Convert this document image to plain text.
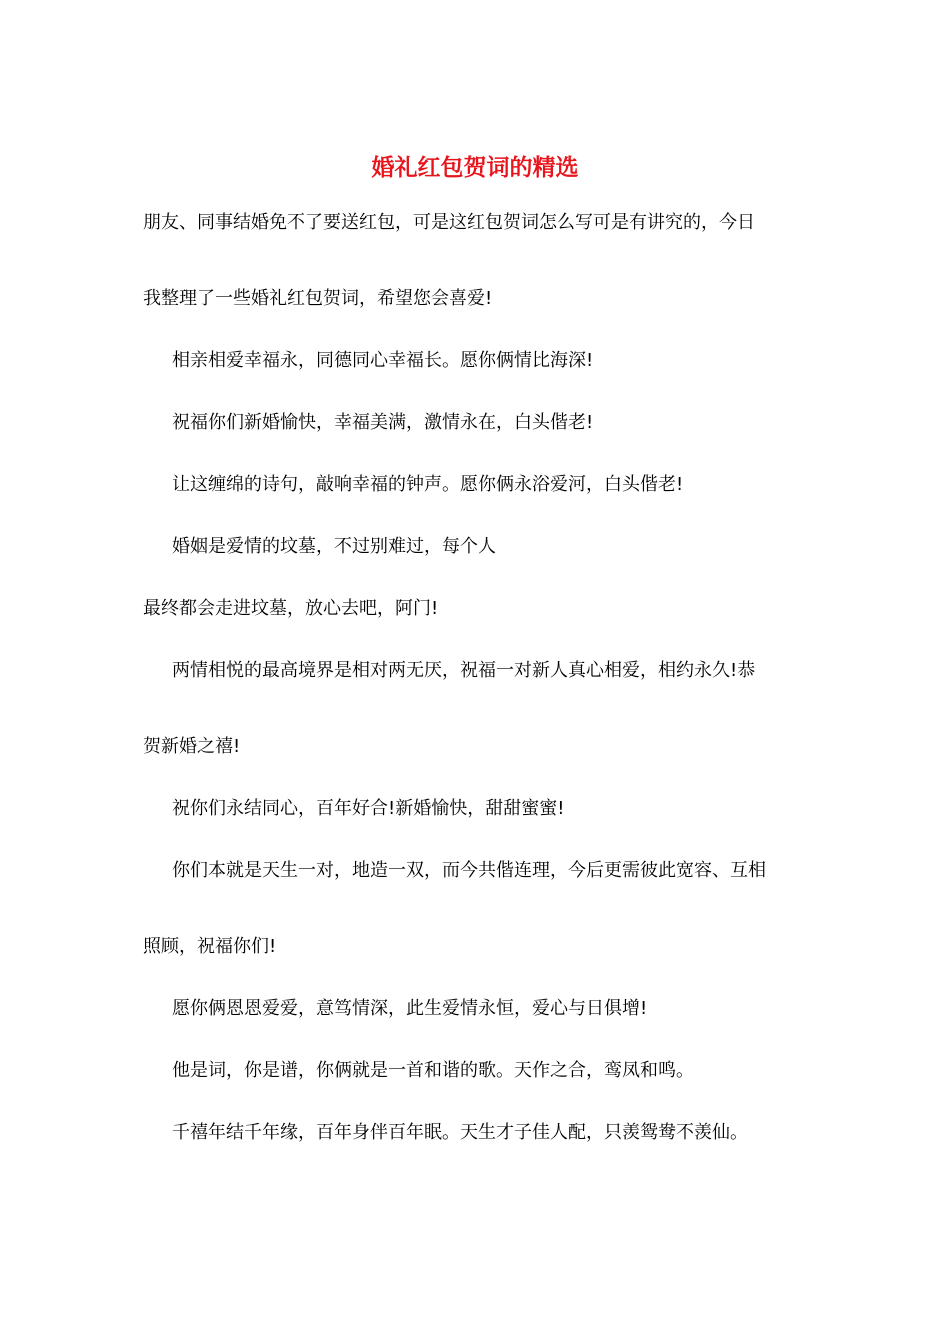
婚礼红包贺词的精选
朋友、同事结婚免不了要送红包，可是这红包贺词怎么写可是有讲究的，今日
我整理了一些婚礼红包贺词，希望您会喜爱!
相亲相爱幸福永，同德同心幸福长。愿你俩情比海深!
祝福你们新婚愉快，幸福美满，激情永在，白头偕老!
让这缠绵的诗句，敲响幸福的钟声。愿你俩永浴爱河，白头偕老!
婚姻是爱情的坟墓，不过别难过，每个人
最终都会走进坟墓，放心去吧，阿门!
两情相悦的最高境界是相对两无厌，祝福一对新人真心相爱，相约永久!恭
贺新婚之禧!
祝你们永结同心，百年好合!新婚愉快，甜甜蜜蜜!
你们本就是天生一对，地造一双，而今共偕连理，今后更需彼此宽容、互相
照顾，祝福你们!
愿你俩恩恩爱爱，意笃情深，此生爱情永恒，爱心与日俱增!
他是词，你是谱，你俩就是一首和谐的歌。天作之合，鸾凤和鸣。
千禧年结千年缘，百年身伴百年眠。天生才子佳人配，只羡鸳鸯不羡仙。
